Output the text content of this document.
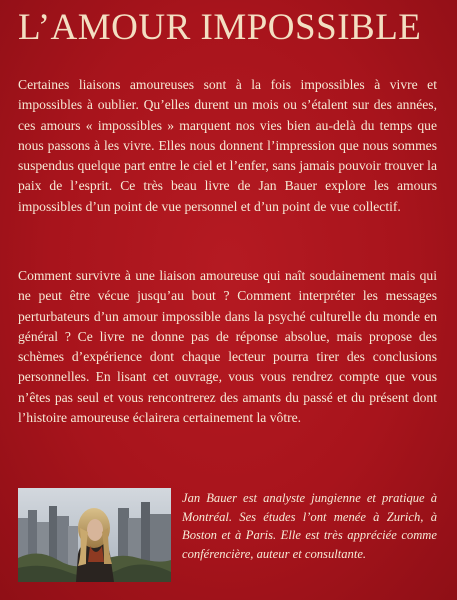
L’AMOUR IMPOSSIBLE

Certaines liaisons amoureuses sont à la fois impossibles à vivre et impossibles à oublier. Qu’elles durent un mois ou s’étalent sur des années, ces amours « impossibles » marquent nos vies bien au-delà du temps que nous passons à les vivre. Elles nous donnent l’impression que nous sommes suspendus quelque part entre le ciel et l’enfer, sans jamais pouvoir trouver la paix de l’esprit. Ce très beau livre de Jan Bauer explore les amours impossibles d’un point de vue personnel et d’un point de vue collectif.

Comment survivre à une liaison amoureuse qui naît soudainement mais qui ne peut être vécue jusqu’au bout ? Comment interpréter les messages perturbateurs d’un amour impossible dans la psyché culturelle du monde en général ? Ce livre ne donne pas de réponse absolue, mais propose des schèmes d’expérience dont chaque lecteur pourra tirer des conclusions personnelles. En lisant cet ouvrage, vous vous rendrez compte que vous n’êtes pas seul et vous rencontrerez des amants du passé et du présent dont l’histoire amoureuse éclairera certainement la vôtre.

Jan Bauer est analyste jungienne et pratique à Montréal. Ses études l’ont menée à Zurich, à Boston et à Paris. Elle est très appréciée comme conférencière, auteur et consultante.
